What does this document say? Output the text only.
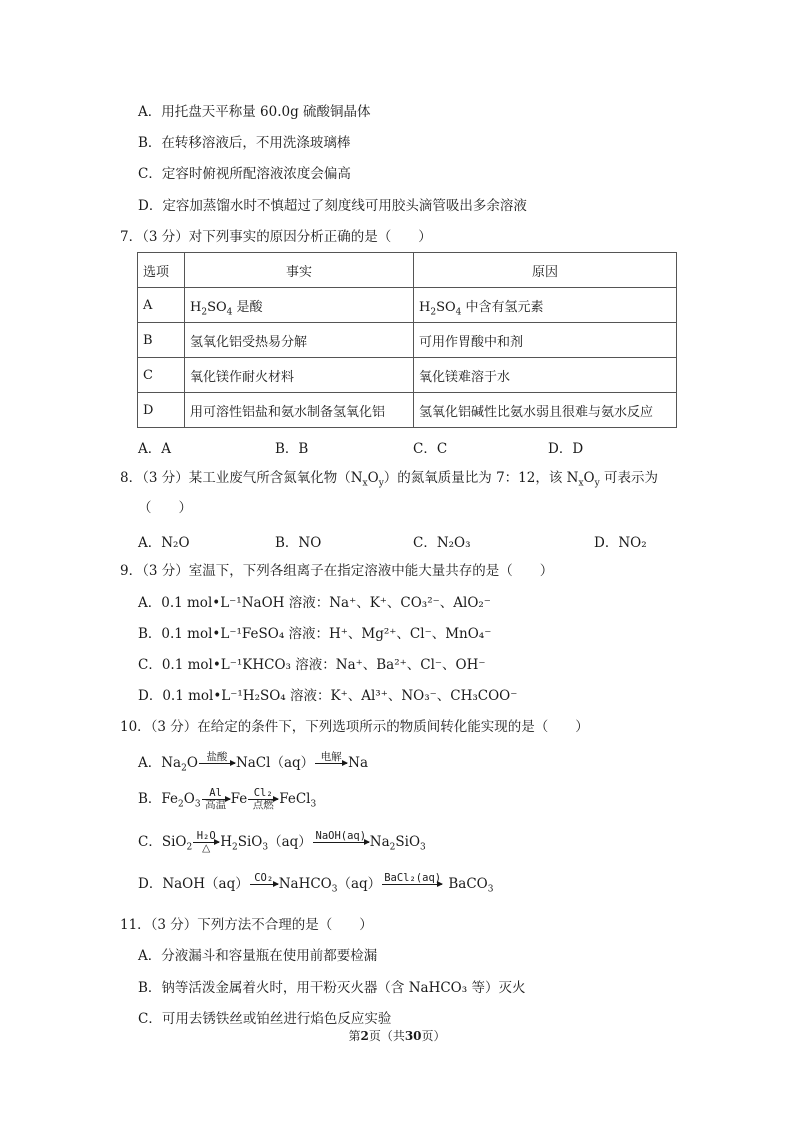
A．用托盘天平称量 60.0g 硫酸铜晶体
B．在转移溶液后，不用洗涤玻璃棒
C．定容时俯视所配溶液浓度会偏高
D．定容加蒸馏水时不慎超过了刻度线可用胶头滴管吸出多余溶液
7．（3 分）对下列事实的原因分析正确的是（　　）
选项	事实	原因
A	$H_2SO_4$ 是酸	$H_2SO_4$ 中含有氢元素
B	氢氧化铝受热易分解	可用作胃酸中和剂
C	氧化镁作耐火材料	氧化镁难溶于水
D	用可溶性铝盐和氨水制备氢氧化铝	氢氧化铝碱性比氨水弱且很难与氨水反应
A．A	B．B	C．C	D．D
8．（3 分）某工业废气所含氮氧化物$(N_xO_y)$的氮氧质量比为 7：12，该 $N_xO_y$ 可表示为
（　　）
A．N₂O	B．NO	C．N₂O₃	D．NO₂
9．（3 分）室温下，下列各组离子在指定溶液中能大量共存的是（　　）
A．0.1 mol•L⁻¹NaOH 溶液：Na⁺、K⁺、CO₃²⁻、AlO₂⁻
B．0.1 mol•L⁻¹FeSO₄ 溶液：H⁺、Mg²⁺、Cl⁻、MnO₄⁻
C．0.1 mol•L⁻¹KHCO₃ 溶液：Na⁺、Ba²⁺、Cl⁻、OH⁻
D．0.1 mol•L⁻¹H₂SO₄ 溶液：K⁺、Al³⁺、NO₃⁻、CH₃COO⁻
10．（3 分）在给定的条件下，下列选项所示的物质间转化能实现的是（　　）
A．$Na_2O$ 盐酸
NaCl（aq） 电解
Na
B．$Fe_2O_3$
Al
高温 Fe Cl₂
点燃 FeCl$_3$
C．SiO$_2$
H₂O
△ $H_2SiO_3(aq)$ NaOH(aq)
$Na_2SiO_3$
D．NaOH（aq） CO₂
NaHCO$_3$（aq） BaCl₂(aq)
BaCO$_3$
11．（3 分）下列方法不合理的是（　　）
A．分液漏斗和容量瓶在使用前都要检漏
B．钠等活泼金属着火时，用干粉灭火器（含 NaHCO₃ 等）灭火
C．可用去锈铁丝或铂丝进行焰色反应实验
第2页（共30页）
